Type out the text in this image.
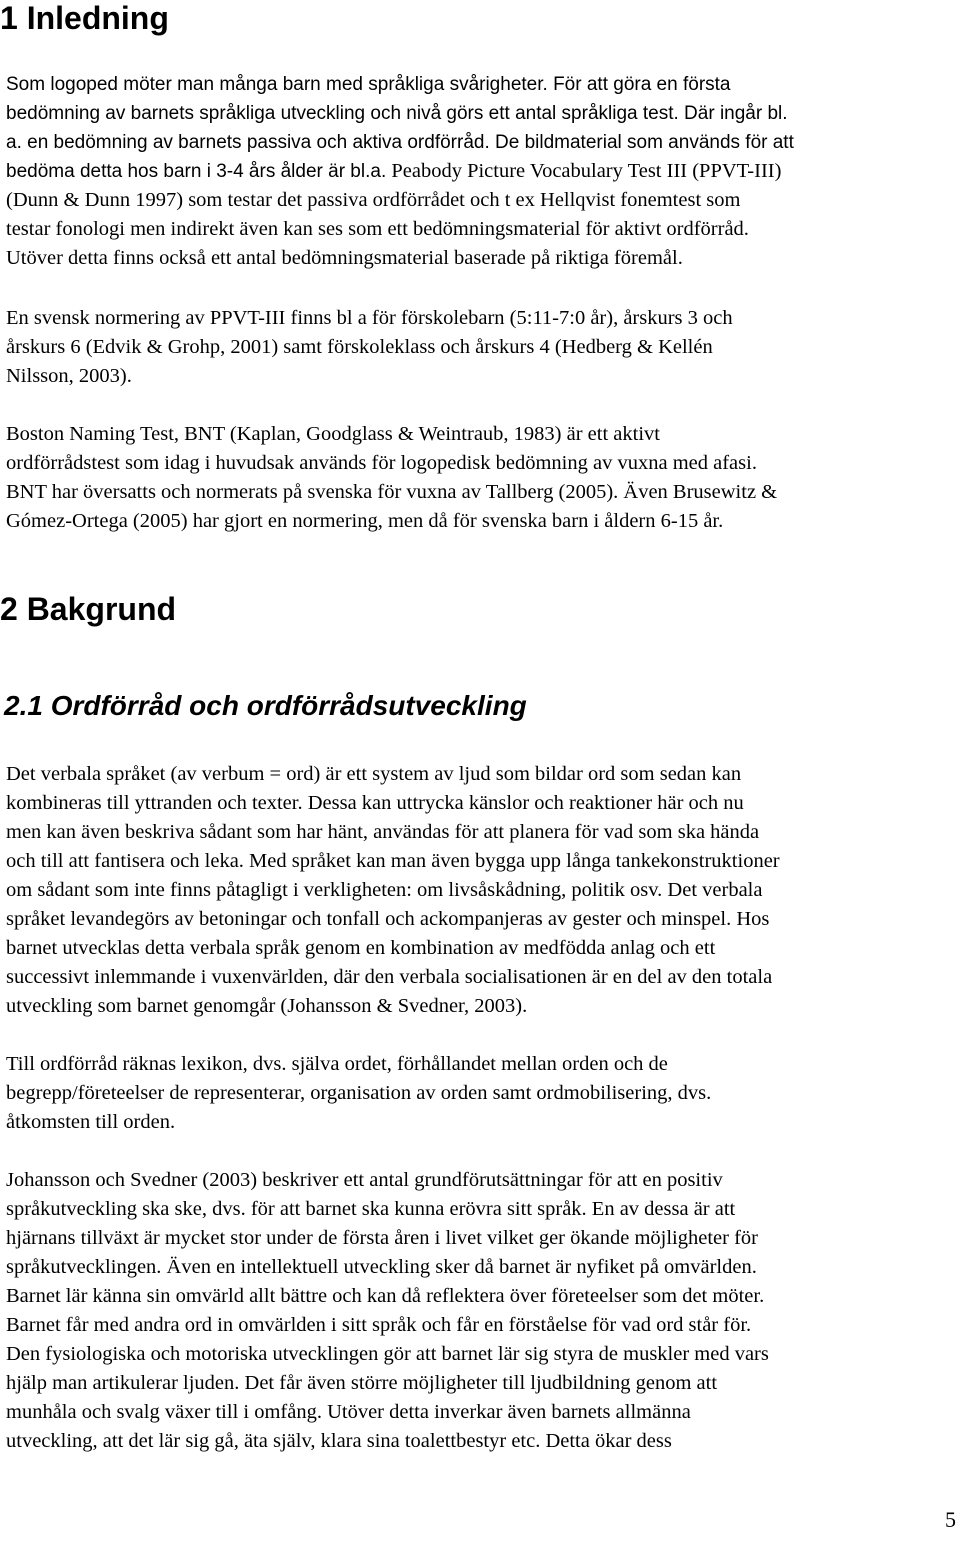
1 Inledning
Som logoped möter man många barn med språkliga svårigheter. För att göra en första
bedömning av barnets språkliga utveckling och nivå görs ett antal språkliga test. Där ingår bl.
a. en bedömning av barnets passiva och aktiva ordförråd. De bildmaterial som används för att
bedöma detta hos barn i 3-4 års ålder är bl.a. Peabody Picture Vocabulary Test III (PPVT-III)
(Dunn & Dunn 1997) som testar det passiva ordförrådet och t ex Hellqvist fonemtest som
testar fonologi men indirekt även kan ses som ett bedömningsmaterial för aktivt ordförråd.
Utöver detta finns också ett antal bedömningsmaterial baserade på riktiga föremål.
En svensk normering av PPVT-III finns bl a för förskolebarn (5:11-7:0 år), årskurs 3 och
årskurs 6 (Edvik & Grohp, 2001) samt förskoleklass och årskurs 4 (Hedberg & Kellén
Nilsson, 2003).
Boston Naming Test, BNT (Kaplan, Goodglass & Weintraub, 1983) är ett aktivt
ordförrådstest som idag i huvudsak används för logopedisk bedömning av vuxna med afasi.
BNT har översatts och normerats på svenska för vuxna av Tallberg (2005). Även Brusewitz &
Gómez-Ortega (2005) har gjort en normering, men då för svenska barn i åldern 6-15 år.
2 Bakgrund
2.1 Ordförråd och ordförrådsutveckling
Det verbala språket (av verbum = ord) är ett system av ljud som bildar ord som sedan kan
kombineras till yttranden och texter. Dessa kan uttrycka känslor och reaktioner här och nu
men kan även beskriva sådant som har hänt, användas för att planera för vad som ska hända
och till att fantisera och leka. Med språket kan man även bygga upp långa tankekonstruktioner
om sådant som inte finns påtagligt i verkligheten: om livsåskådning, politik osv. Det verbala
språket levandegörs av betoningar och tonfall och ackompanjeras av gester och minspel. Hos
barnet utvecklas detta verbala språk genom en kombination av medfödda anlag och ett
successivt inlemmande i vuxenvärlden, där den verbala socialisationen är en del av den totala
utveckling som barnet genomgår (Johansson & Svedner, 2003).
Till ordförråd räknas lexikon, dvs. själva ordet, förhållandet mellan orden och de
begrepp/företeelser de representerar, organisation av orden samt ordmobilisering, dvs.
åtkomsten till orden.
Johansson och Svedner (2003) beskriver ett antal grundförutsättningar för att en positiv
språkutveckling ska ske, dvs. för att barnet ska kunna erövra sitt språk. En av dessa är att
hjärnans tillväxt är mycket stor under de första åren i livet vilket ger ökande möjligheter för
språkutvecklingen. Även en intellektuell utveckling sker då barnet är nyfiket på omvärlden.
Barnet lär känna sin omvärld allt bättre och kan då reflektera över företeelser som det möter.
Barnet får med andra ord in omvärlden i sitt språk och får en förståelse för vad ord står för.
Den fysiologiska och motoriska utvecklingen gör att barnet lär sig styra de muskler med vars
hjälp man artikulerar ljuden. Det får även större möjligheter till ljudbildning genom att
munhåla och svalg växer till i omfång. Utöver detta inverkar även barnets allmänna
utveckling, att det lär sig gå, äta själv, klara sina toalettbestyr etc. Detta ökar dess
5
